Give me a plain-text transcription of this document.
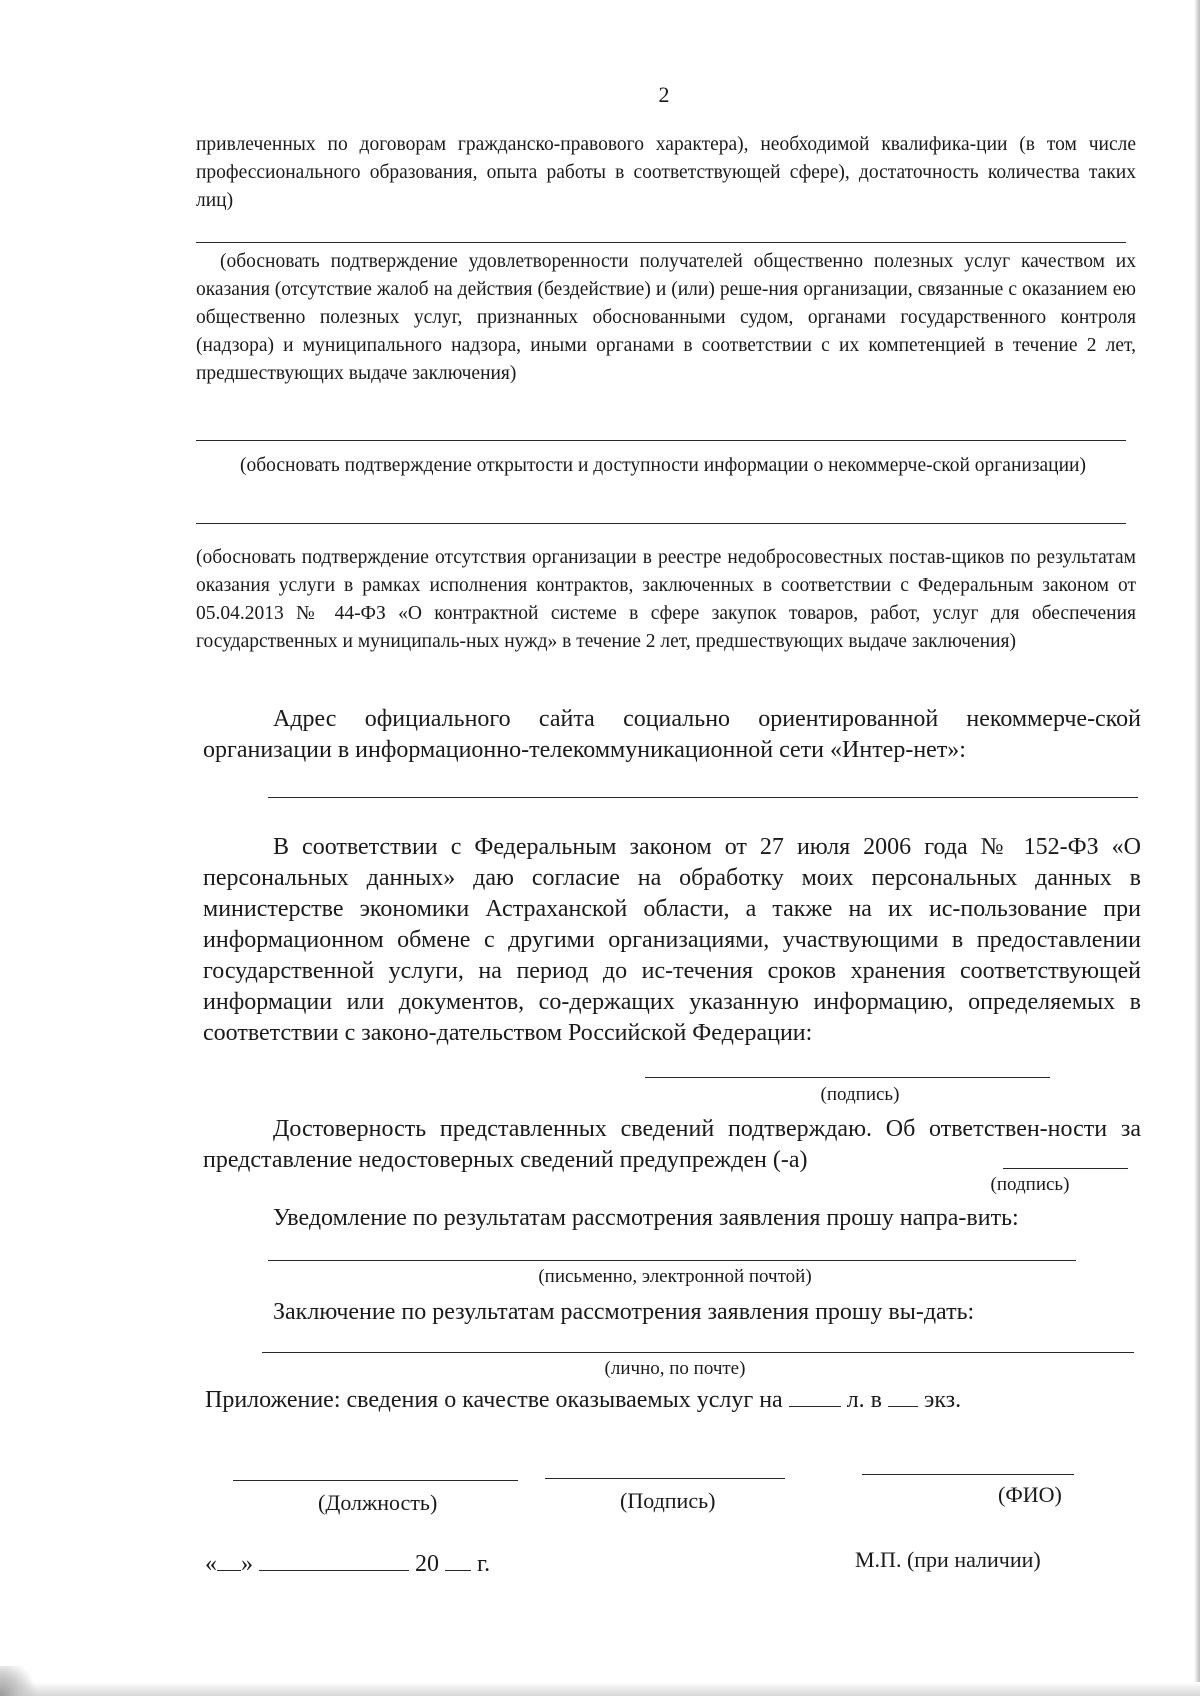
2
привлеченных по договорам гражданско-правового характера), необходимой квалифика-ции (в том числе профессионального образования, опыта работы в соответствующей сфере), достаточность количества таких лиц)
(обосновать подтверждение удовлетворенности получателей общественно полезных услуг качеством их оказания (отсутствие жалоб на действия (бездействие) и (или) реше-ния организации, связанные с оказанием ею общественно полезных услуг, признанных обоснованными судом, органами государственного контроля (надзора) и муниципального надзора, иными органами в соответствии с их компетенцией в течение 2 лет, предшествующих выдаче заключения)
(обосновать подтверждение открытости и доступности информации о некоммерче-ской организации)
(обосновать подтверждение отсутствия организации в реестре недобросовестных постав-щиков по результатам оказания услуги в рамках исполнения контрактов, заключенных в соответствии с Федеральным законом от 05.04.2013 № 44-ФЗ «О контрактной системе в сфере закупок товаров, работ, услуг для обеспечения государственных и муниципаль-ных нужд» в течение 2 лет, предшествующих выдаче заключения)
Адрес официального сайта социально ориентированной некоммерче-ской организации в информационно-телекоммуникационной сети «Интер-нет»:
В соответствии с Федеральным законом от 27 июля 2006 года № 152-ФЗ «О персональных данных» даю согласие на обработку моих персональных данных в министерстве экономики Астраханской области, а также на их ис-пользование при информационном обмене с другими организациями, участвующими в предоставлении государственной услуги, на период до ис-течения сроков хранения соответствующей информации или документов, со-держащих указанную информацию, определяемых в соответствии с законо-дательством Российской Федерации:
(подпись)
Достоверность представленных сведений подтверждаю. Об ответствен-ности за представление недостоверных сведений предупрежден (-а)
(подпись)
Уведомление по результатам рассмотрения заявления прошу напра-вить:
(письменно, электронной почтой)
Заключение по результатам рассмотрения заявления прошу вы-дать:
(лично, по почте)
Приложение: сведения о качестве оказываемых услуг на	л. в экз.
(Должность)	(Подпись)	(ФИО)
« »	20 г.	М.П. (при наличии)
